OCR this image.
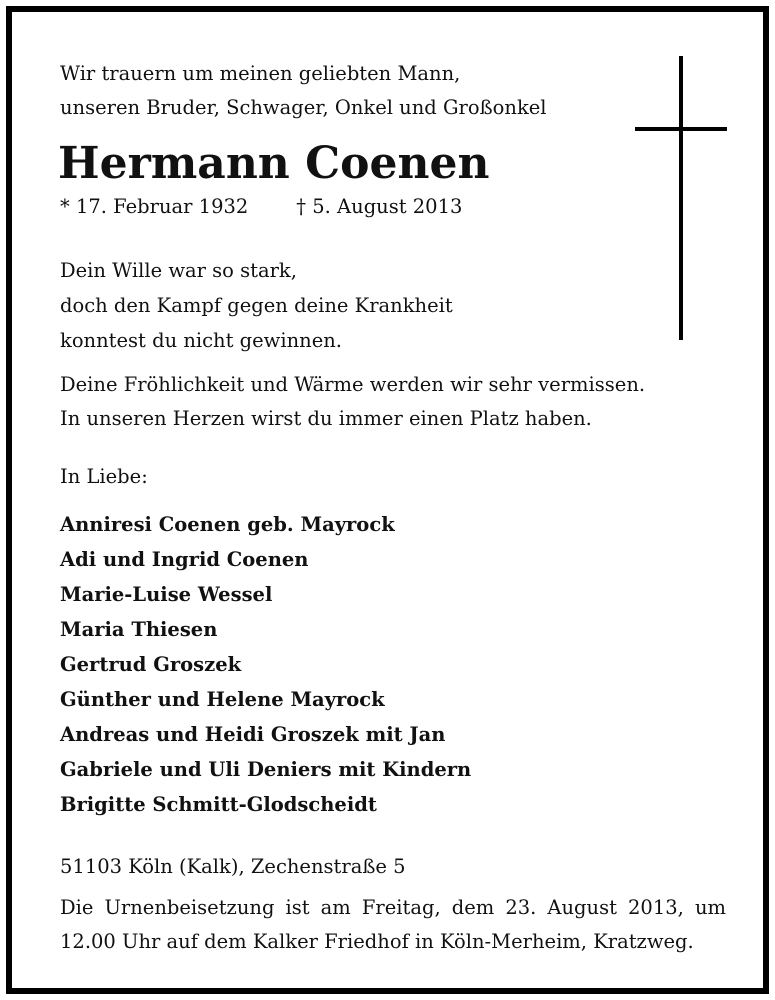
Wir trauern um meinen geliebten Mann,
unseren Bruder, Schwager, Onkel und Großonkel
Hermann Coenen
* 17. Februar 1932 † 5. August 2013
Dein Wille war so stark,
doch den Kampf gegen deine Krankheit
konntest du nicht gewinnen.
Deine Fröhlichkeit und Wärme werden wir sehr vermissen.
In unseren Herzen wirst du immer einen Platz haben.
In Liebe:
Anniresi Coenen geb. Mayrock
Adi und Ingrid Coenen
Marie-Luise Wessel
Maria Thiesen
Gertrud Groszek
Günther und Helene Mayrock
Andreas und Heidi Groszek mit Jan
Gabriele und Uli Deniers mit Kindern
Brigitte Schmitt-Glodscheidt
51103 Köln (Kalk), Zechenstraße 5
Die Urnenbeisetzung ist am Freitag, dem 23. August 2013, um
12.00 Uhr auf dem Kalker Friedhof in Köln-Merheim, Kratzweg.
